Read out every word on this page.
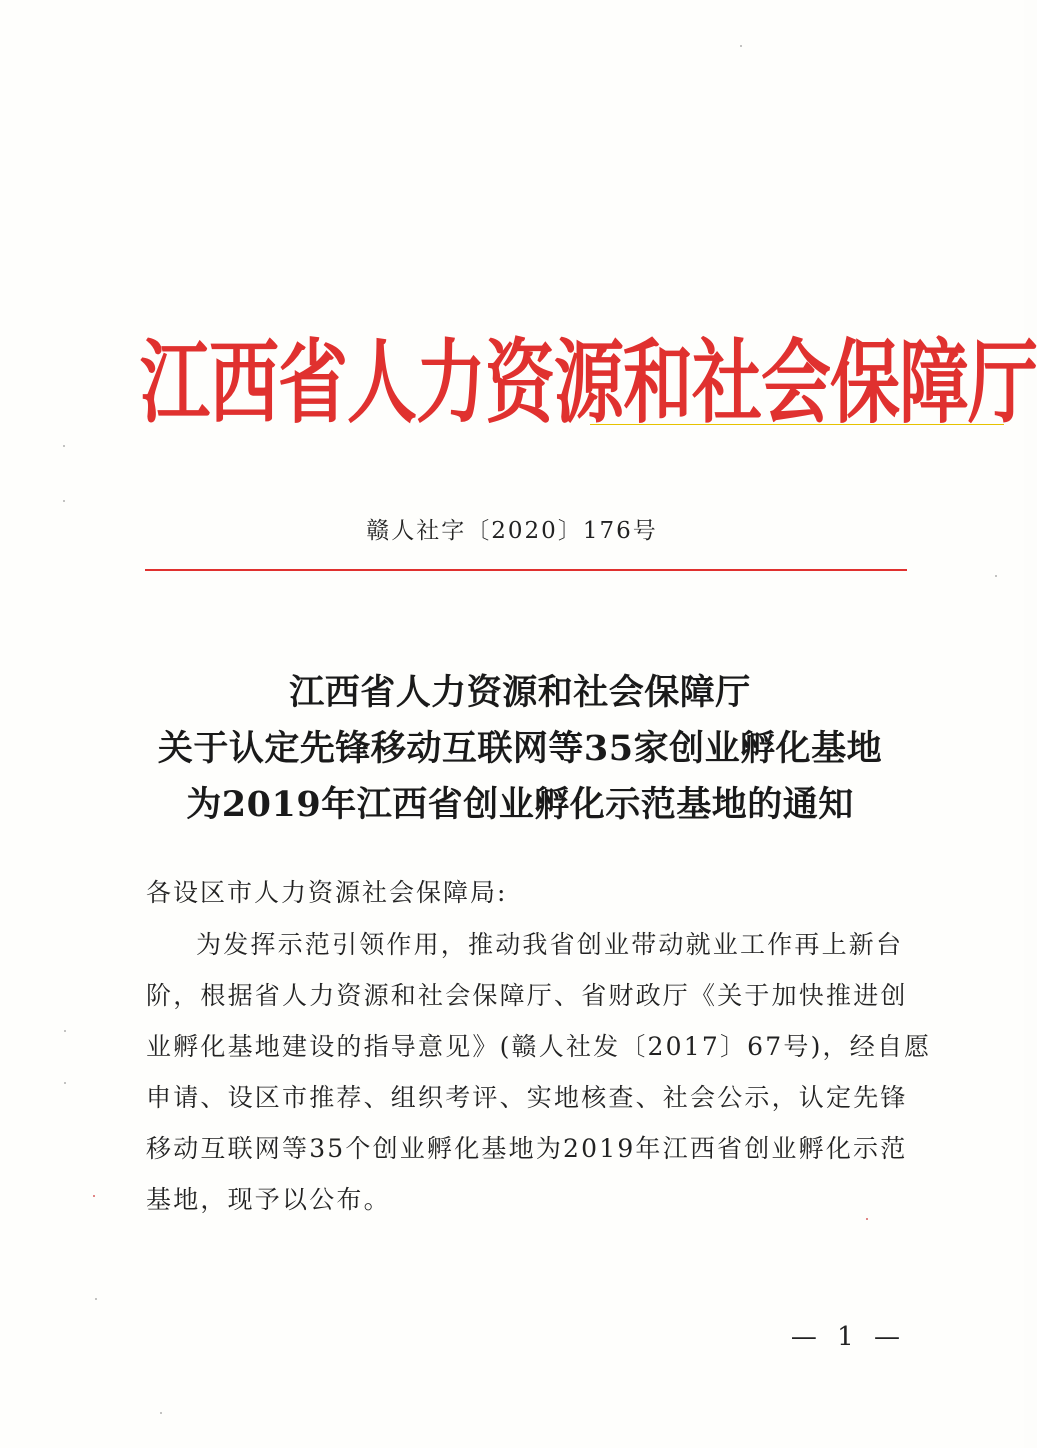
江 西 省 人 力 资 源 和 社 会 保 障 厅
赣人社字〔2020〕176号
江西省人力资源和社会保障厅
关于认定先锋移动互联网等35家创业孵化基地
为2019年江西省创业孵化示范基地的通知
各设区市人力资源社会保障局:
为发挥示范引领作用，推动我省创业带动就业工作再上新台
阶，根据省人力资源和社会保障厅、省财政厅《关于加快推进创
业孵化基地建设的指导意见》(赣人社发〔2017〕67号)，经自愿
申请、设区市推荐、组织考评、实地核查、社会公示，认定先锋
移动互联网等35个创业孵化基地为2019年江西省创业孵化示范
基地，现予以公布。
— 1 —
